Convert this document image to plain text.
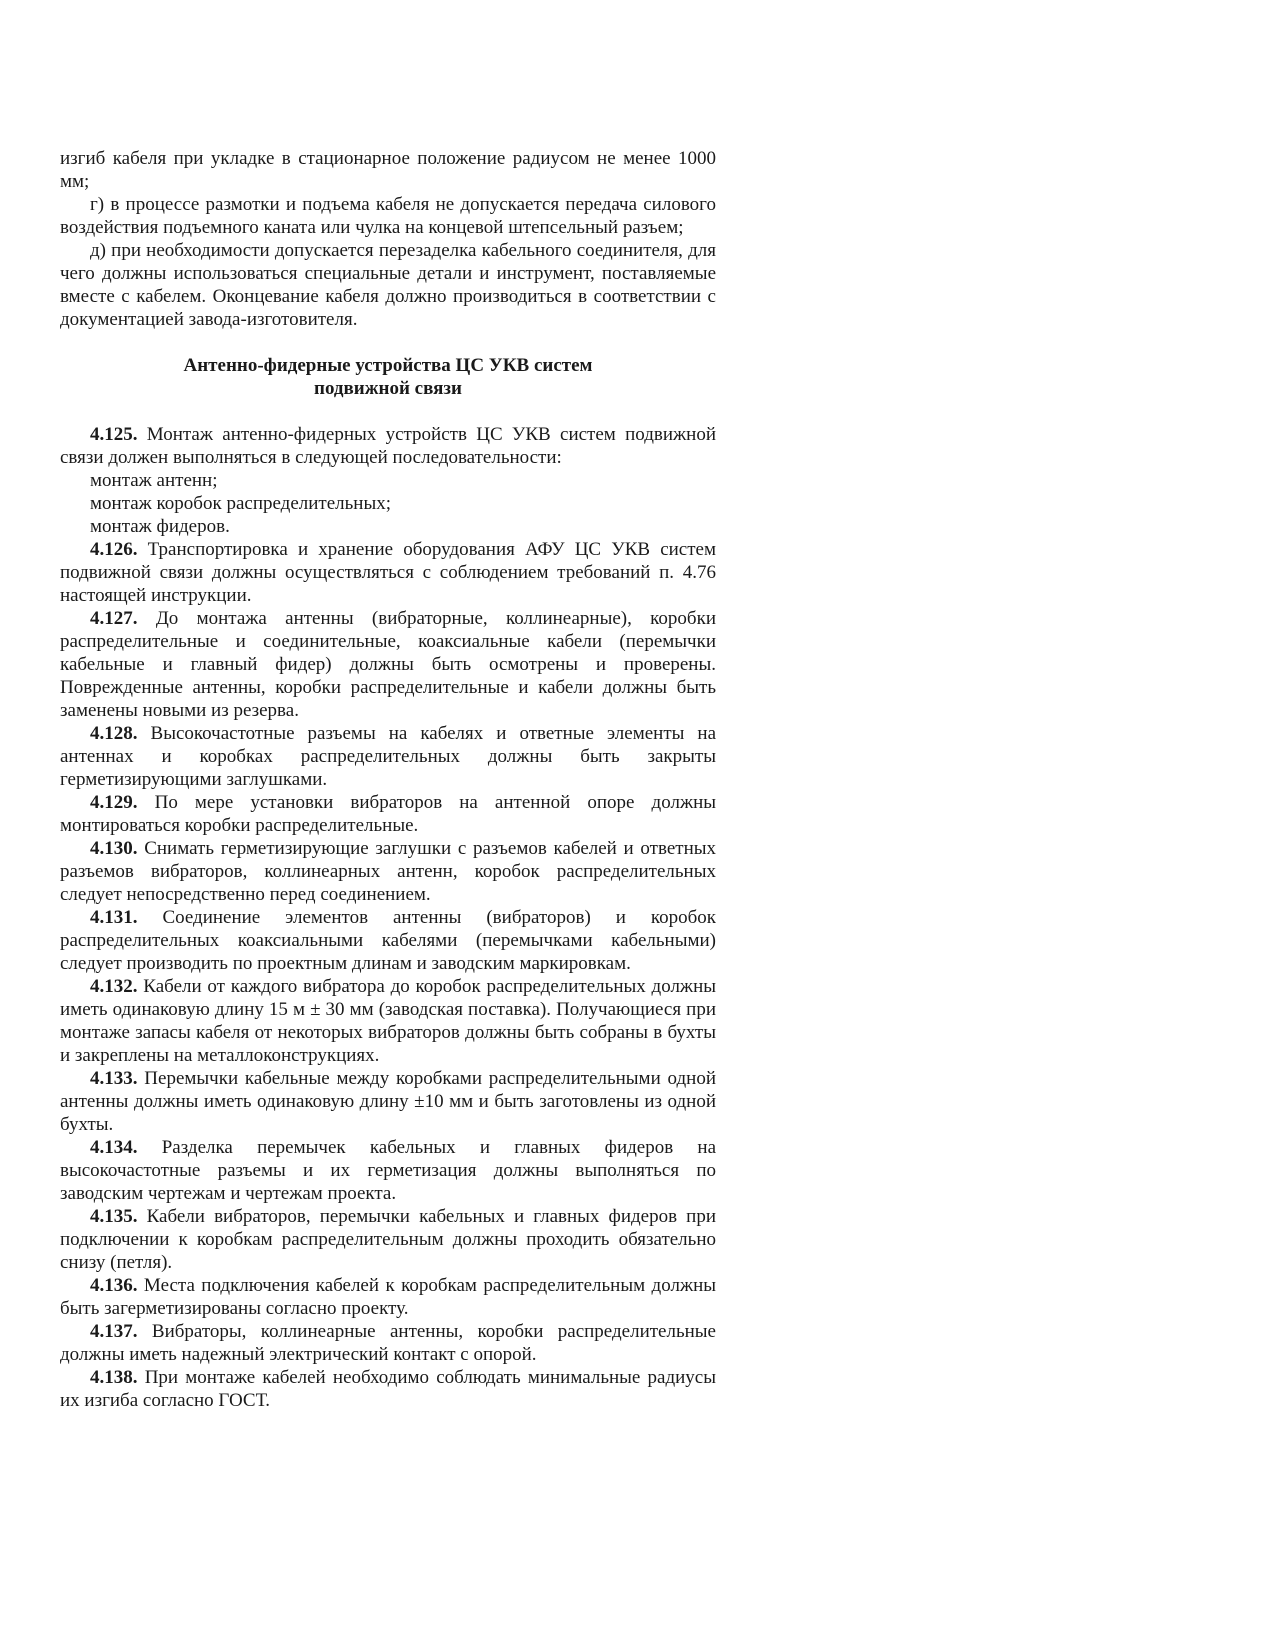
изгиб кабеля при укладке в стационарное положение радиусом не менее 1000 мм;

г) в процессе размотки и подъема кабеля не допускается передача силового воздействия подъемного каната или чулка на концевой штепсельный разъем;

д) при необходимости допускается перезаделка кабельного соединителя, для чего должны использоваться специальные детали и инструмент, поставляемые вместе с кабелем. Оконцевание кабеля должно производиться в соответствии с документацией завода-изготовителя.

Антенно-фидерные устройства ЦС УКВ систем
подвижной связи

4.125. Монтаж антенно-фидерных устройств ЦС УКВ систем подвижной связи должен выполняться в следующей последовательности:

монтаж антенн;

монтаж коробок распределительных;

монтаж фидеров.

4.126. Транспортировка и хранение оборудования АФУ ЦС УКВ систем подвижной связи должны осуществляться с соблюдением требований п. 4.76 настоящей инструкции.

4.127. До монтажа антенны (вибраторные, коллинеарные), коробки распределительные и соединительные, коаксиальные кабели (перемычки кабельные и главный фидер) должны быть осмотрены и проверены. Поврежденные антенны, коробки распределительные и кабели должны быть заменены новыми из резерва.

4.128. Высокочастотные разъемы на кабелях и ответные элементы на антеннах и коробках распределительных должны быть закрыты герметизирующими заглушками.

4.129. По мере установки вибраторов на антенной опоре должны монтироваться коробки распределительные.

4.130. Снимать герметизирующие заглушки с разъемов кабелей и ответных разъемов вибраторов, коллинеарных антенн, коробок распределительных следует непосредственно перед соединением.

4.131. Соединение элементов антенны (вибраторов) и коробок распределительных коаксиальными кабелями (перемычками кабельными) следует производить по проектным длинам и заводским маркировкам.

4.132. Кабели от каждого вибратора до коробок распределительных должны иметь одинаковую длину 15 м ± 30 мм (заводская поставка). Получающиеся при монтаже запасы кабеля от некоторых вибраторов должны быть собраны в бухты и закреплены на металлоконструкциях.

4.133. Перемычки кабельные между коробками распределительными одной антенны должны иметь одинаковую длину ±10 мм и быть заготовлены из одной бухты.

4.134. Разделка перемычек кабельных и главных фидеров на высокочастотные разъемы и их герметизация должны выполняться по заводским чертежам и чертежам проекта.

4.135. Кабели вибраторов, перемычки кабельных и главных фидеров при подключении к коробкам распределительным должны проходить обязательно снизу (петля).

4.136. Места подключения кабелей к коробкам распределительным должны быть загерметизированы согласно проекту.

4.137. Вибраторы, коллинеарные антенны, коробки распределительные должны иметь надежный электрический контакт с опорой.

4.138. При монтаже кабелей необходимо соблюдать минимальные радиусы их изгиба согласно ГОСТ.
